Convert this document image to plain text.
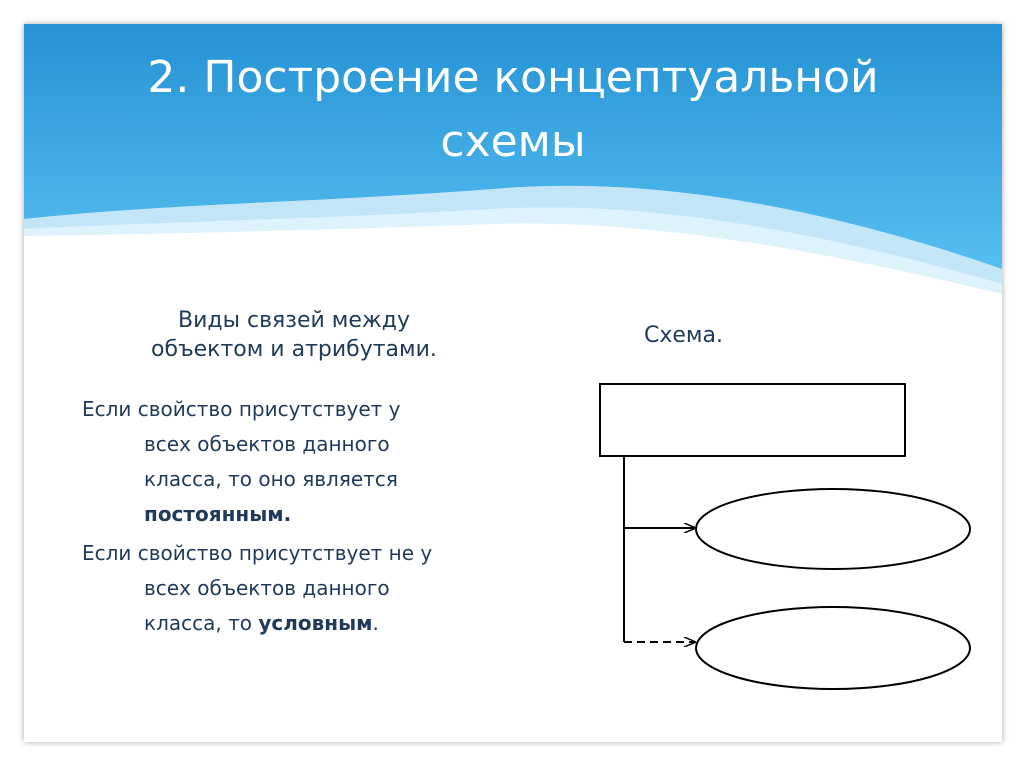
2. Построение концептуальной
схемы
Виды связей между
объектом и атрибутами.

Если свойство присутствует у
всех объектов данного
класса, то оно является
постоянным.

Если свойство присутствует не у
всех объектов данного
класса, то условным.

Схема.
